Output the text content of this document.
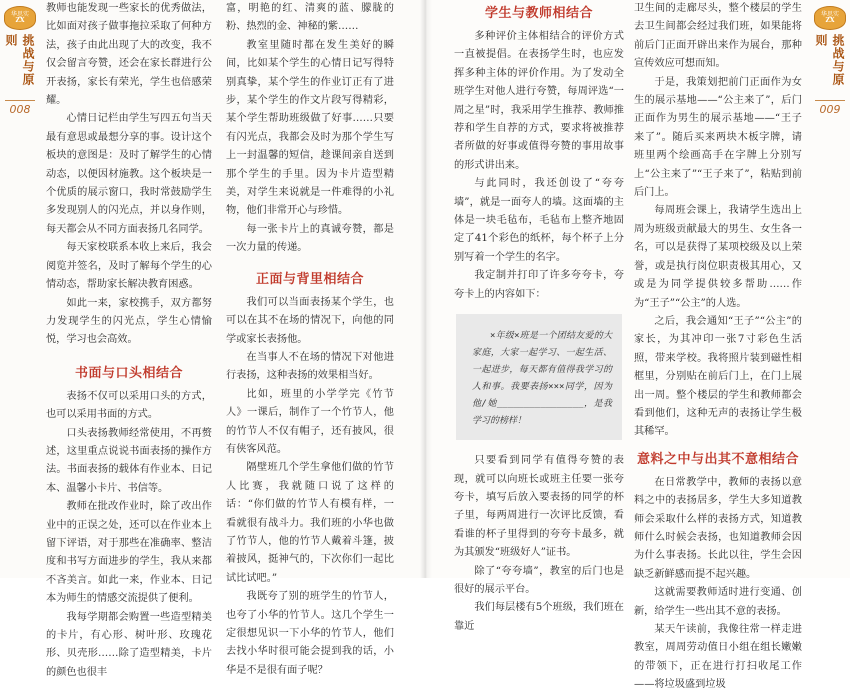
华思实
ZX
挑战与原则
008

教师也能发现一些家长的优秀做法，比如面对孩子做事拖拉采取了何种方法，孩子由此出现了大的改变，我不仅会留言夸赞，还会在家长群进行公开表扬，家长有荣光，学生也倍感荣耀。

心情日记栏由学生写四五句当天最有意思或最想分享的事。设计这个板块的意图是：及时了解学生的心情动态，以便因材施教。这个板块是一个优质的展示窗口，我时常鼓励学生多发现别人的闪光点，并以身作则，每天都会从不同方面表扬几名同学。

每天家校联系本收上来后，我会阅览并签名，及时了解每个学生的心情动态，帮助家长解决教育困惑。

如此一来，家校携手，双方都努力发现学生的闪光点，学生心情愉悦，学习也会高效。

书面与口头相结合

表扬不仅可以采用口头的方式，也可以采用书面的方式。

口头表扬教师经常使用，不再赘述，这里重点说说书面表扬的操作方法。书面表扬的载体有作业本、日记本、温馨小卡片、书信等。

教师在批改作业时，除了改出作业中的正误之处，还可以在作业本上留下评语，对于那些在准确率、整洁度和书写方面进步的学生，我从来都不吝美言。如此一来，作业本、日记本为师生的情感交流提供了便利。

我每学期都会购置一些造型精美的卡片，有心形、树叶形、玫瑰花形、贝壳形……除了造型精美，卡片的颜色也很丰

富，明艳的红、清爽的蓝、朦胧的粉、热烈的金、神秘的紫……

教室里随时都在发生美好的瞬间，比如某个学生的心情日记写得特别真挚，某个学生的作业订正有了进步，某个学生的作文片段写得精彩，某个学生帮助班级做了好事……只要有闪光点，我都会及时为那个学生写上一封温馨的短信，趁课间亲自送到那个学生的手里。因为卡片造型精美，对学生来说就是一件难得的小礼物，他们非常开心与珍惜。

每一张卡片上的真诚夸赞，都是一次力量的传递。

正面与背里相结合

我们可以当面表扬某个学生，也可以在其不在场的情况下，向他的同学或家长表扬他。

在当事人不在场的情况下对他进行表扬，这种表扬的效果相当好。

比如，班里的小学学完《竹节人》一课后，制作了一个竹节人，他的竹节人不仅有帽子，还有披风，很有侠客风范。

隔壁班几个学生拿他们做的竹节人比赛，我就随口说了这样的话：“你们做的竹节人有模有样，一看就很有战斗力。我们班的小华也做了竹节人，他的竹节人戴着斗篷，披着披风，挺神气的，下次你们一起比试比试吧。”

我既夸了别的班学生的竹节人，也夸了小华的竹节人。这几个学生一定很想见识一下小华的竹节人，他们去找小华时很可能会提到我的话，小华是不是很有面子呢？

华思实
ZX
挑战与原则
009
学生与教师相结合

多种评价主体相结合的评价方式一直被提倡。在表扬学生时，也应发挥多种主体的评价作用。为了发动全班学生对他人进行夸赞，每周评选“一周之星”时，我采用学生推荐、教师推荐和学生自荐的方式，要求将被推荐者所做的好事或值得夸赞的事用故事的形式讲出来。

与此同时，我还创设了“夸夸墙”，就是一面夸人的墙。这面墙的主体是一块毛毡布，毛毡布上整齐地固定了41个彩色的纸杯，每个杯子上分别写着一个学生的名字。

我定制并打印了许多夸夸卡，夸夸卡上的内容如下：

×年级×班是一个团结友爱的大家庭，大家一起学习、一起生活、一起进步，每天都有值得我学习的人和事。我要表扬×××同学，因为他/她________________，是我学习的榜样！

只要看到同学有值得夸赞的表现，就可以向班长或班主任要一张夸夸卡，填写后放入要表扬的同学的杯子里，每两周进行一次评比反馈，看看谁的杯子里得到的夸夸卡最多，就为其颁发“班级好人”证书。

除了“夸夸墙”，教室的后门也是很好的展示平台。

我们每层楼有5个班级，我们班在靠近

卫生间的走廊尽头，整个楼层的学生去卫生间都会经过我们班，如果能将前后门正面开辟出来作为展台，那种宣传效应可想而知。

于是，我策划把前门正面作为女生的展示基地——“公主来了”，后门正面作为男生的展示基地——“王子来了”。随后买来两块木板字牌，请班里两个绘画高手在字牌上分别写上“公主来了”“王子来了”，粘贴到前后门上。

每周班会课上，我请学生选出上周为班级贡献最大的男生、女生各一名，可以是获得了某项校级及以上荣誉，或是执行岗位职责极其用心，又或是为同学提供较多帮助……作为“王子”“公主”的人选。

之后，我会通知“王子”“公主”的家长，为其冲印一张7寸彩色生活照，带来学校。我将照片装到磁性相框里，分别贴在前后门上，在门上展出一周。整个楼层的学生和教师都会看到他们，这种无声的表扬让学生极其稀罕。

意料之中与出其不意相结合

在日常教学中，教师的表扬以意料之中的表扬居多，学生大多知道教师会采取什么样的表扬方式，知道教师什么时候会表扬，也知道教师会因为什么事表扬。长此以往，学生会因缺乏新鲜感而提不起兴趣。

这就需要教师适时进行变通、创新，给学生一些出其不意的表扬。

某天午读前，我像往常一样走进教室，周周劳动值日小组在组长嫩嫩的带领下，正在进行打扫收尾工作——将垃圾盛到垃圾
